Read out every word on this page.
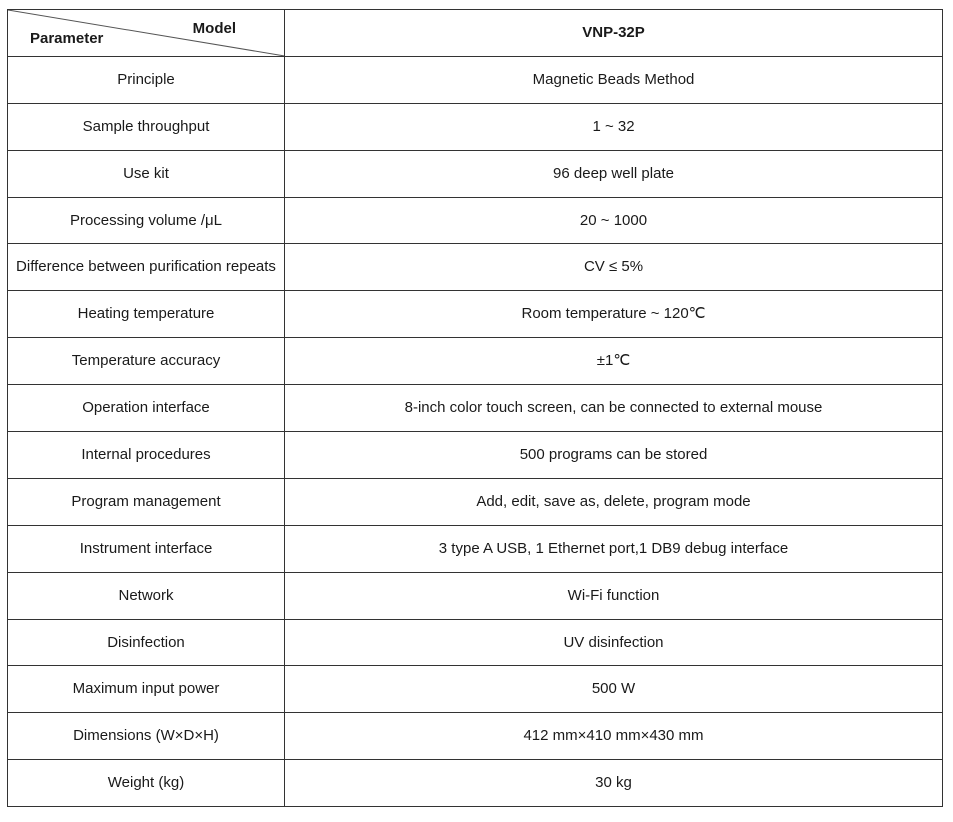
Model
Parameter	VNP-32P
Principle	Magnetic Beads Method
Sample throughput	1 ~ 32
Use kit	96 deep well plate
Processing volume /μL	20 ~ 1000
Difference between purification repeats	CV ≤ 5%
Heating temperature	Room temperature ~ 120℃
Temperature accuracy	±1℃
Operation interface	8-inch color touch screen, can be connected to external mouse
Internal procedures	500 programs can be stored
Program management	Add, edit, save as, delete, program mode
Instrument interface	3 type A USB, 1 Ethernet port,1 DB9 debug interface
Network	Wi-Fi function
Disinfection	UV disinfection
Maximum input power	500 W
Dimensions (W×D×H)	412 mm×410 mm×430 mm
Weight (kg)	30 kg
